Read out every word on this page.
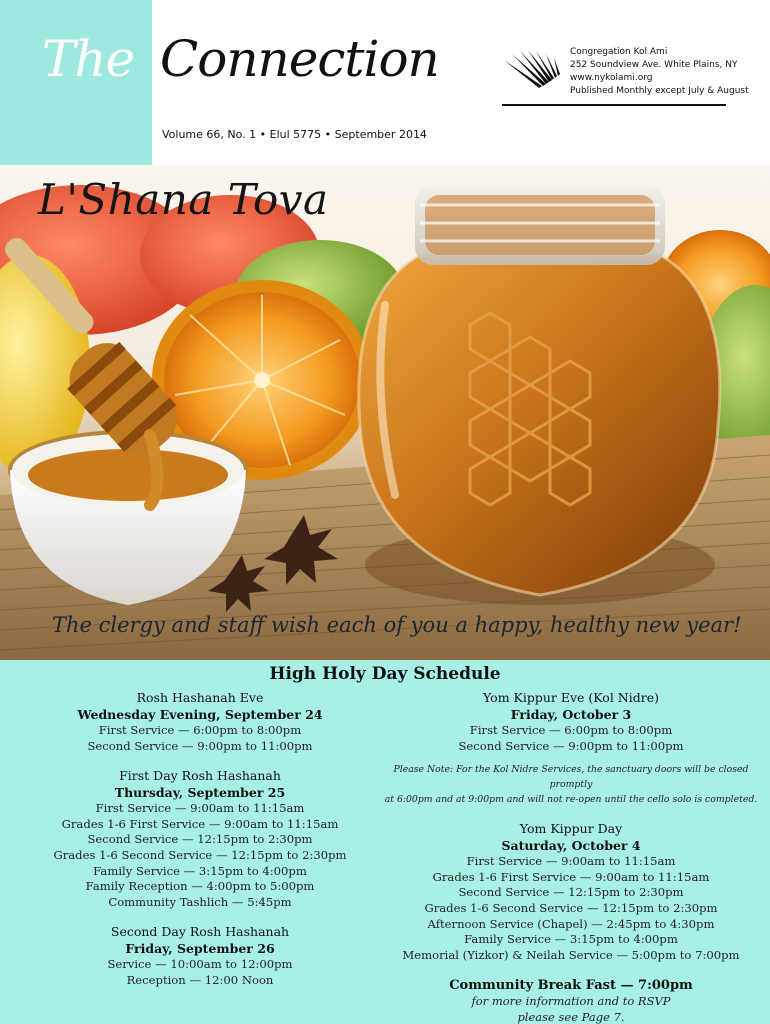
The Connection	Congregation Kol Ami
252 Soundview Ave. White Plains, NY
www.nykolami.org
Published Monthly except July & August
Volume 66, No. 1 • Elul 5775 • September 2014
L'Shana Tova
The clergy and staff wish each of you a happy, healthy new year!
High Holy Day Schedule
Rosh Hashanah Eve
Wednesday Evening, September 24
First Service — 6:00pm to 8:00pm
Second Service — 9:00pm to 11:00pm
First Day Rosh Hashanah
Thursday, September 25
First Service — 9:00am to 11:15am
Grades 1-6 First Service — 9:00am to 11:15am
Second Service — 12:15pm to 2:30pm
Grades 1-6 Second Service — 12:15pm to 2:30pm
Family Service — 3:15pm to 4:00pm
Family Reception — 4:00pm to 5:00pm
Community Tashlich — 5:45pm
Second Day Rosh Hashanah
Friday, September 26
Service — 10:00am to 12:00pm
Reception — 12:00 Noon
Yom Kippur Eve (Kol Nidre)
Friday, October 3
First Service — 6:00pm to 8:00pm
Second Service — 9:00pm to 11:00pm
Please Note: For the Kol Nidre Services, the sanctuary doors will be closed promptly
at 6:00pm and at 9:00pm and will not re-open until the cello solo is completed.
Yom Kippur Day
Saturday, October 4
First Service — 9:00am to 11:15am
Grades 1-6 First Service — 9:00am to 11:15am
Second Service — 12:15pm to 2:30pm
Grades 1-6 Second Service — 12:15pm to 2:30pm
Afternoon Service (Chapel) — 2:45pm to 4:30pm
Family Service — 3:15pm to 4:00pm
Memorial (Yizkor) & Neilah Service — 5:00pm to 7:00pm
Community Break Fast — 7:00pm
for more information and to RSVP
please see Page 7.
